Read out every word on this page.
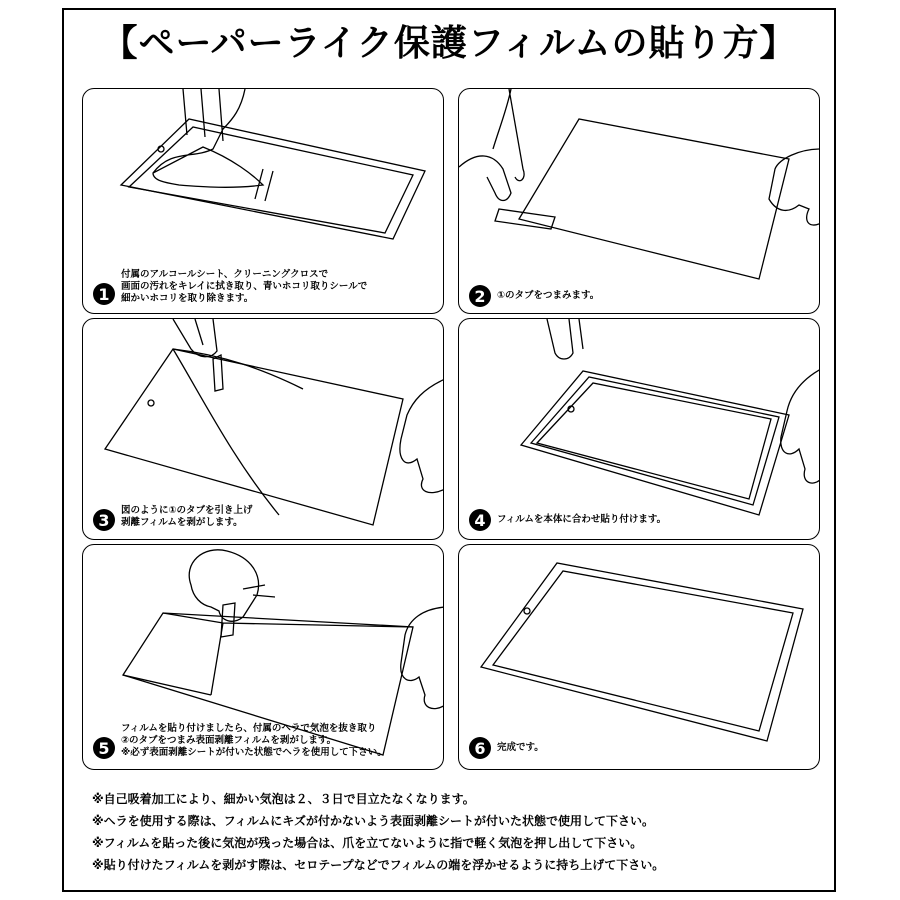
【ペーパーライク保護フィルムの貼り方】
1
付属のアルコールシート、クリーニングクロスで
画面の汚れをキレイに拭き取り、青いホコリ取りシールで
細かいホコリを取り除きます。	2	①のタブをつまみます。
3	図のように①のタブを引き上げ
剥離フィルムを剥がします。	4	フィルムを本体に合わせ貼り付けます。
5
フィルムを貼り付けましたら、付属のヘラで気泡を抜き取り
②のタブをつまみ表面剥離フィルムを剥がします。
※必ず表面剥離シートが付いた状態でヘラを使用して下さい。	6	完成です。
※自己吸着加工により、細かい気泡は２、３日で目立たなくなります。
※ヘラを使用する際は、フィルムにキズが付かないよう表面剥離シートが付いた状態で使用して下さい。
※フィルムを貼った後に気泡が残った場合は、爪を立てないように指で軽く気泡を押し出して下さい。
※貼り付けたフィルムを剥がす際は、セロテープなどでフィルムの端を浮かせるように持ち上げて下さい。
